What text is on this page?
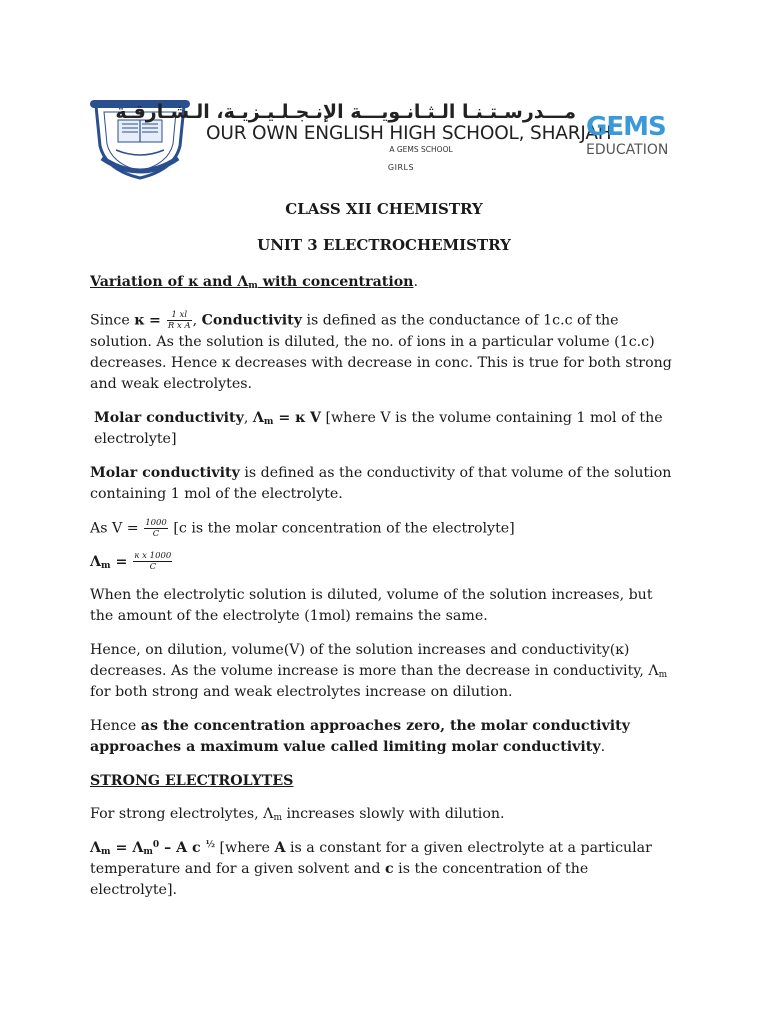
مـــدرسـتـنـا الـثـانـويـــة الإنـجـلـيـزيـة، الـشـارقـة
OUR OWN ENGLISH HIGH SCHOOL, SHARJAH
A GEMS SCHOOL
GIRLS
GEMS
EDUCATION
CLASS XII CHEMISTRY
UNIT 3 ELECTROCHEMISTRY

Variation of ĸ and $\Lambda_m$ with concentration.

Since ĸ = $\frac{1 xl}{\text{R x A}}$ , Conductivity is defined as the conductance of 1c.c of the solution. As the solution is diluted, the no. of ions in a particular volume (1c.c) decreases. Hence ĸ decreases with decrease in conc. This is true for both strong and weak electrolytes.

Molar conductivity, $\Lambda_m$ = ĸ V [where V is the volume containing 1 mol of the electrolyte]

Molar conductivity is defined as the conductivity of that volume of the solution containing 1 mol of the electrolyte.

As $V = \frac{1000}{C} [c$ is the molar concentration of the electrolyte]

$\Lambda_m = \frac{\text{ĸ x 1000}}{C}$

When the electrolytic solution is diluted, volume of the solution increases, but the amount of the electrolyte (1mol) remains the same.

Hence, on dilution, volume(V) of the solution increases and conductivity(ĸ) decreases. As the volume increase is more than the decrease in conductivity, $\Lambda_m$ for both strong and weak electrolytes increase on dilution.

Hence as the concentration approaches zero, the molar conductivity approaches a maximum value called limiting molar conductivity.

STRONG ELECTROLYTES

For strong electrolytes, $\Lambda_m$ increases slowly with dilution.

$\Lambda_m = \Lambda_m^0 - A$ c $^{\frac{1}{2}}$ [where A is a constant for a given electrolyte at a particular temperature and for a given solvent and c is the concentration of the electrolyte].
